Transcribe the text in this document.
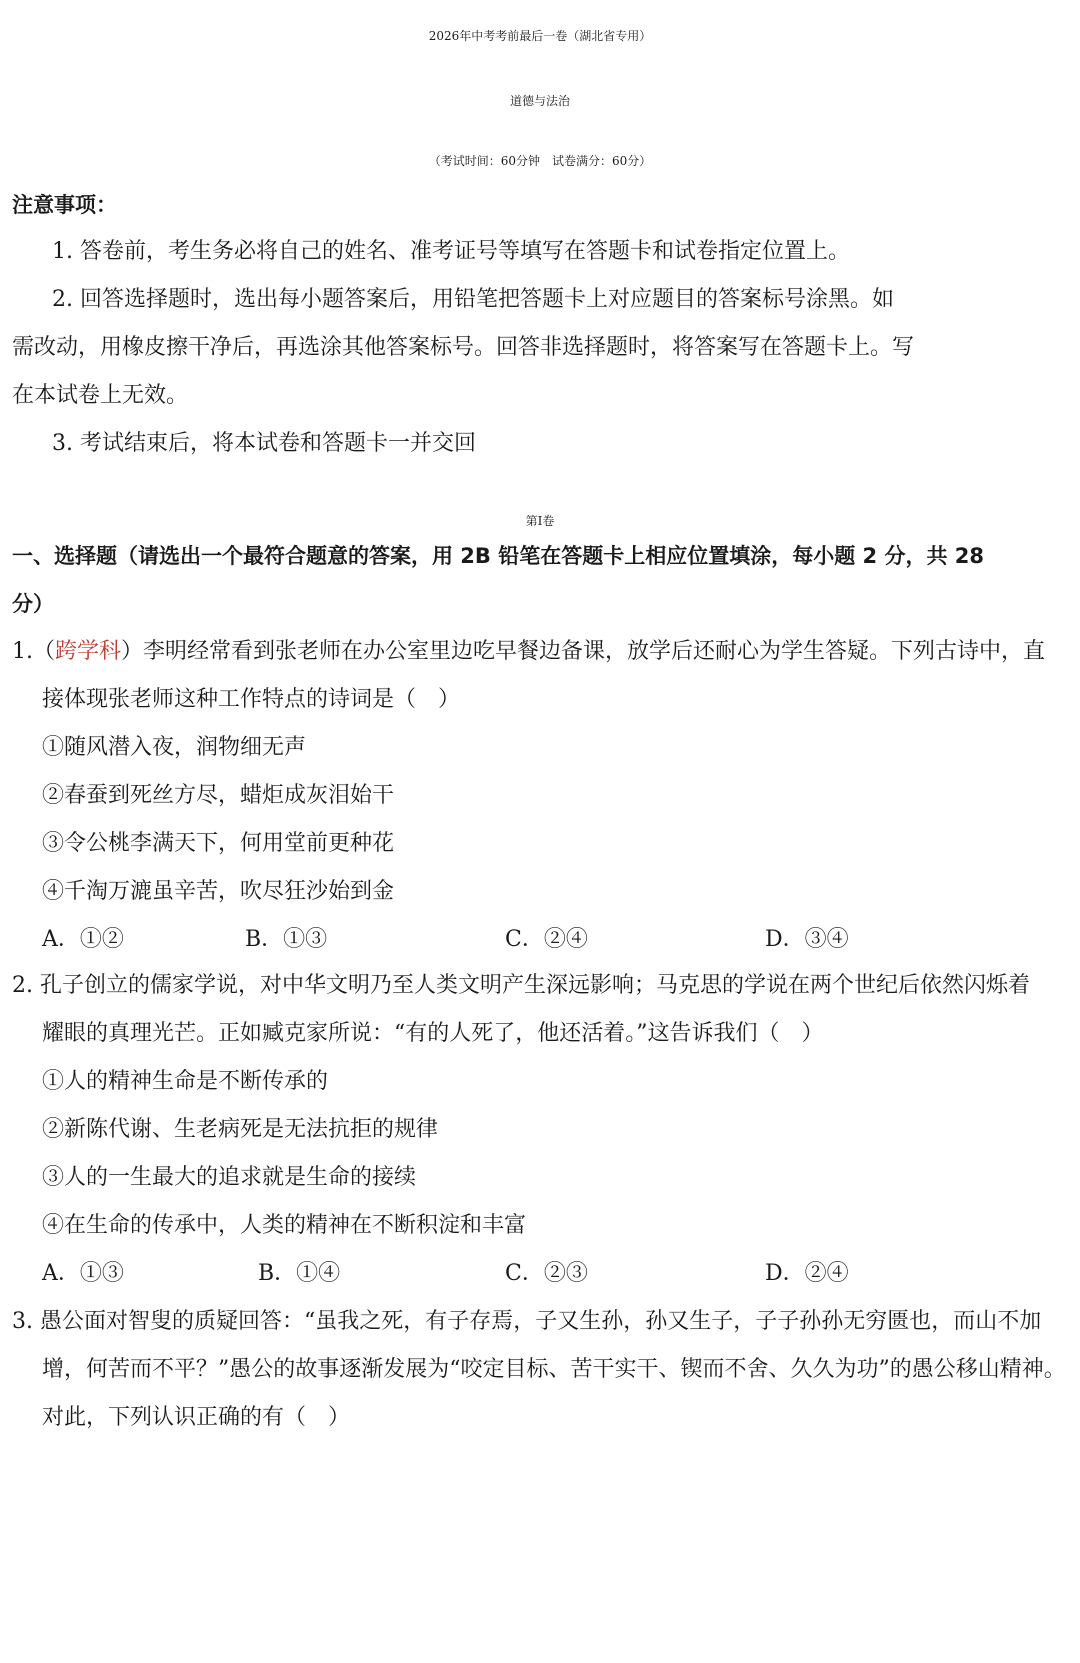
2026年中考考前最后一卷（湖北省专用）
道德与法治
（考试时间：60分钟　试卷满分：60分）
注意事项：
1. 答卷前，考生务必将自己的姓名、准考证号等填写在答题卡和试卷指定位置上。
2. 回答选择题时，选出每小题答案后，用铅笔把答题卡上对应题目的答案标号涂黑。如
需改动，用橡皮擦干净后，再选涂其他答案标号。回答非选择题时，将答案写在答题卡上。写
在本试卷上无效。
3. 考试结束后，将本试卷和答题卡一并交回
第Ⅰ卷
一、选择题（请选出一个最符合题意的答案，用 2B 铅笔在答题卡上相应位置填涂，每小题 2 分，共 28
分）
1.（跨学科）李明经常看到张老师在办公室里边吃早餐边备课，放学后还耐心为学生答疑。下列古诗中，直
接体现张老师这种工作特点的诗词是（　）
①随风潜入夜，润物细无声
②春蚕到死丝方尽，蜡炬成灰泪始干
③令公桃李满天下，何用堂前更种花
④千淘万漉虽辛苦，吹尽狂沙始到金
A．①②	B．①③	C．②④	D．③④
2. 孔子创立的儒家学说，对中华文明乃至人类文明产生深远影响；马克思的学说在两个世纪后依然闪烁着
耀眼的真理光芒。正如臧克家所说：“有的人死了，他还活着。”这告诉我们（　）
①人的精神生命是不断传承的
②新陈代谢、生老病死是无法抗拒的规律
③人的一生最大的追求就是生命的接续
④在生命的传承中，人类的精神在不断积淀和丰富
A．①③	B．①④	C．②③	D．②④
3. 愚公面对智叟的质疑回答：“虽我之死，有子存焉，子又生孙，孙又生子，子子孙孙无穷匮也，而山不加
增，何苦而不平？”愚公的故事逐渐发展为“咬定目标、苦干实干、锲而不舍、久久为功”的愚公移山精神。
对此，下列认识正确的有（　）
